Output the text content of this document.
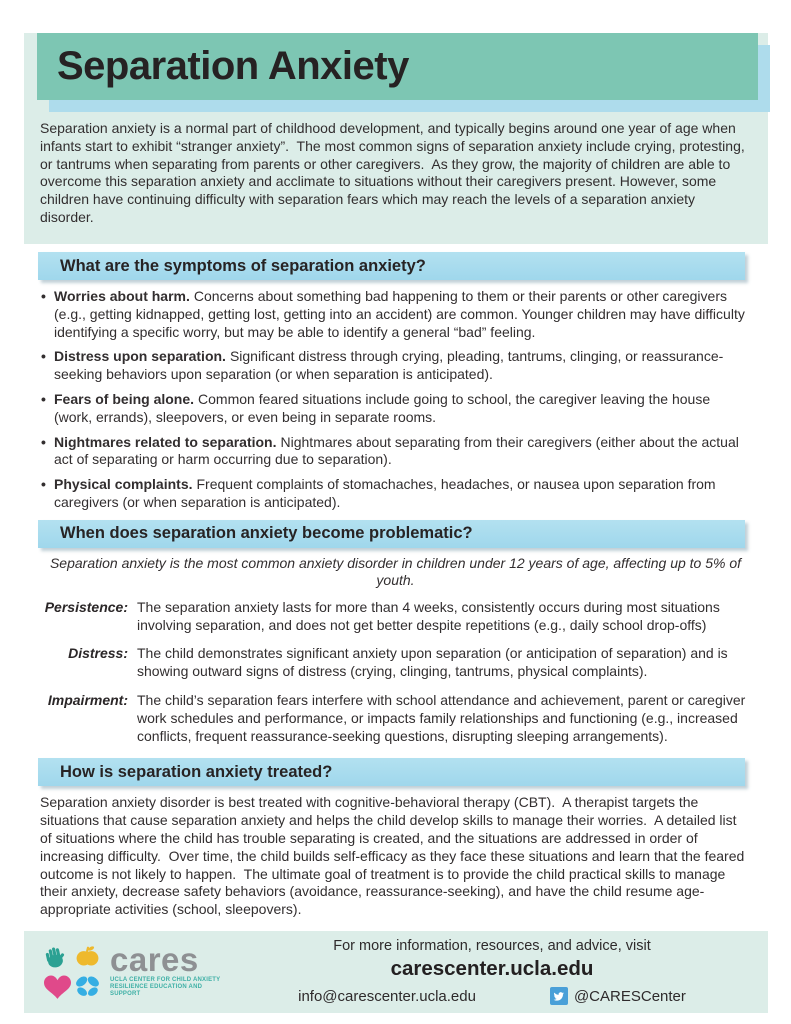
Separation Anxiety

Separation anxiety is a normal part of childhood development, and typically begins around one year of age when infants start to exhibit “stranger anxiety”.  The most common signs of separation anxiety include crying, protesting, or tantrums when separating from parents or other caregivers.  As they grow, the majority of children are able to overcome this separation anxiety and acclimate to situations without their caregivers present. However, some children have continuing difficulty with separation fears which may reach the levels of a separation anxiety disorder.

What are the symptoms of separation anxiety?
• Worries about harm. Concerns about something bad happening to them or their parents or other caregivers (e.g., getting kidnapped, getting lost, getting into an accident) are common. Younger children may have difficulty identifying a specific worry, but may be able to identify a general “bad” feeling.
• Distress upon separation. Significant distress through crying, pleading, tantrums, clinging, or reassurance-seeking behaviors upon separation (or when separation is anticipated).
• Fears of being alone. Common feared situations include going to school, the caregiver leaving the house (work, errands), sleepovers, or even being in separate rooms.
• Nightmares related to separation. Nightmares about separating from their caregivers (either about the actual act of separating or harm occurring due to separation).
• Physical complaints. Frequent complaints of stomachaches, headaches, or nausea upon separation from caregivers (or when separation is anticipated).
When does separation anxiety become problematic?

Separation anxiety is the most common anxiety disorder in children under 12 years of age, affecting up to 5% of youth.

Persistence: The separation anxiety lasts for more than 4 weeks, consistently occurs during most situations involving separation, and does not get better despite repetitions (e.g., daily school drop-offs)
Distress: The child demonstrates significant anxiety upon separation (or anticipation of separation) and is showing outward signs of distress (crying, clinging, tantrums, physical complaints).
Impairment: The child’s separation fears interfere with school attendance and achievement, parent or caregiver work schedules and performance, or impacts family relationships and functioning (e.g., increased conflicts, frequent reassurance-seeking questions, disrupting sleeping arrangements).
How is separation anxiety treated?

Separation anxiety disorder is best treated with cognitive-behavioral therapy (CBT).  A therapist targets the situations that cause separation anxiety and helps the child develop skills to manage their worries.  A detailed list of situations where the child has trouble separating is created, and the situations are addressed in order of increasing difficulty.  Over time, the child builds self-efficacy as they face these situations and learn that the feared outcome is not likely to happen.  The ultimate goal of treatment is to provide the child practical skills to manage their anxiety, decrease safety behaviors (avoidance, reassurance-seeking), and have the child resume age-appropriate activities (school, sleepovers).

cares
UCLA CENTER FOR CHILD ANXIETY
RESILIENCE EDUCATION AND SUPPORT
For more information, resources, and advice, visit
carescenter.ucla.edu
info@carescenter.ucla.edu	@CARESCenter
